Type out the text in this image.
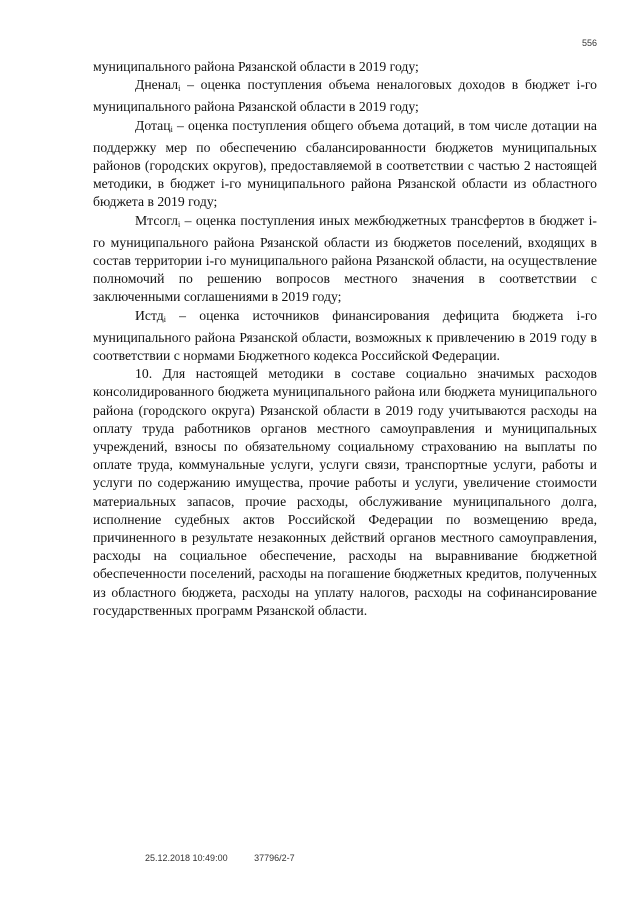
556

муниципального района Рязанской области в 2019 году;

Дненал$_i$ – оценка поступления объема неналоговых доходов в бюджет i-го муниципального района Рязанской области в 2019 году;

Дотац$_i$ – оценка поступления общего объема дотаций, в том числе дотации на поддержку мер по обеспечению сбалансированности бюджетов муниципальных районов (городских округов), предоставляемой в соответствии с частью 2 настоящей методики, в бюджет i-го муниципального района Рязанской области из областного бюджета в 2019 году;

Мтсогл$_i$ – оценка поступления иных межбюджетных трансфертов в бюджет i-го муниципального района Рязанской области из бюджетов поселений, входящих в состав территории i-го муниципального района Рязанской области, на осуществление полномочий по решению вопросов местного значения в соответствии с заключенными соглашениями в 2019 году;

Истд$_i$ – оценка источников финансирования дефицита бюджета i-го муниципального района Рязанской области, возможных к привлечению в 2019 году в соответствии с нормами Бюджетного кодекса Российской Федерации.

10. Для настоящей методики в составе социально значимых расходов консолидированного бюджета муниципального района или бюджета муниципального района (городского округа) Рязанской области в 2019 году учитываются расходы на оплату труда работников органов местного самоуправления и муниципальных учреждений, взносы по обязательному социальному страхованию на выплаты по оплате труда, коммунальные услуги, услуги связи, транспортные услуги, работы и услуги по содержанию имущества, прочие работы и услуги, увеличение стоимости материальных запасов, прочие расходы, обслуживание муниципального долга, исполнение судебных актов Российской Федерации по возмещению вреда, причиненного в результате незаконных действий органов местного самоуправления, расходы на социальное обеспечение, расходы на выравнивание бюджетной обеспеченности поселений, расходы на погашение бюджетных кредитов, полученных из областного бюджета, расходы на уплату налогов, расходы на софинансирование государственных программ Рязанской области.

25.12.2018 10:49:00	37796/2-7
